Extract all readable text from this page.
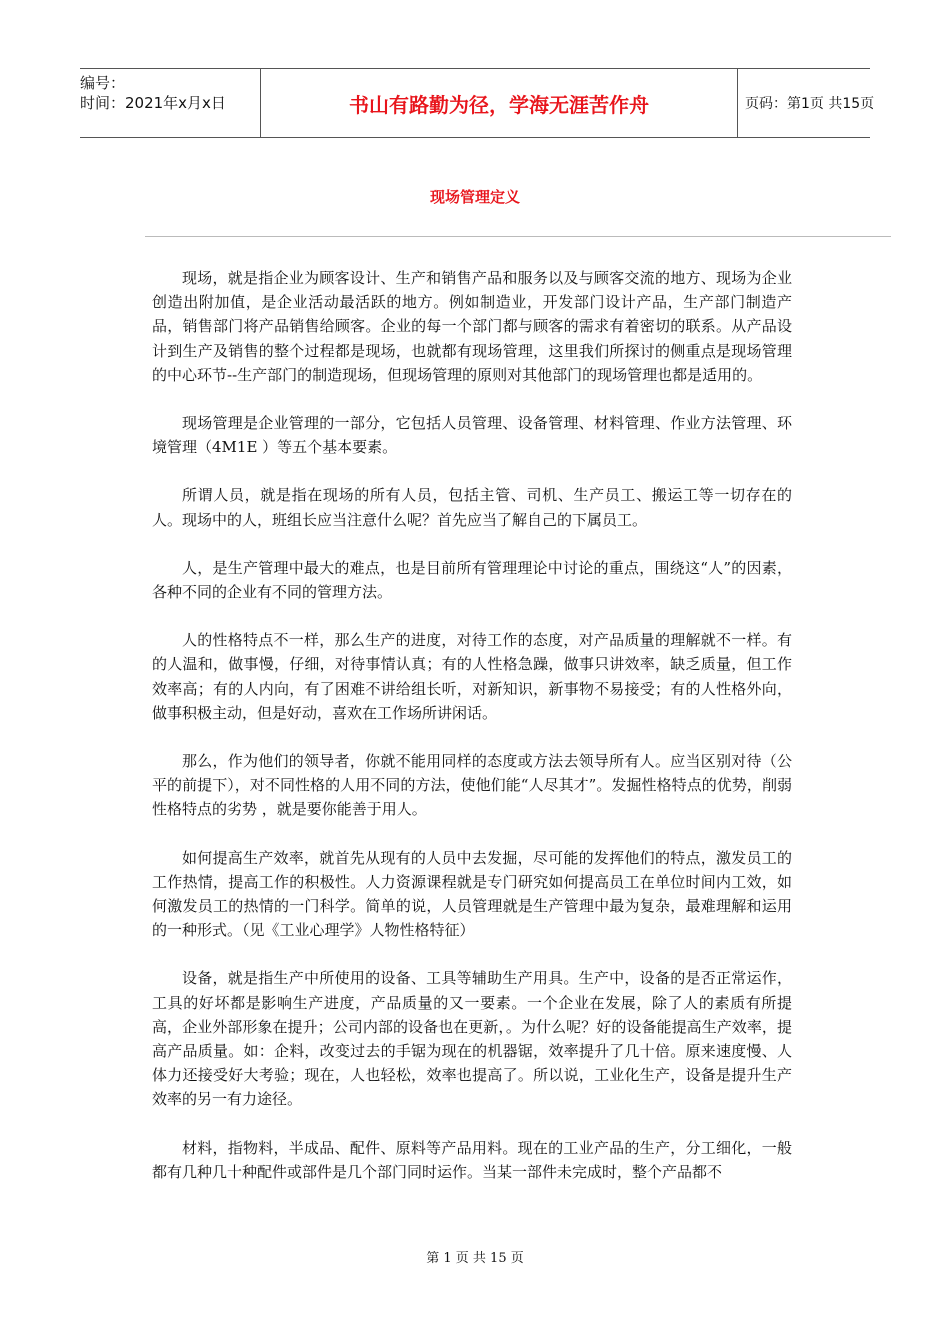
编号：
时间：2021年x月x日	书山有路勤为径，学海无涯苦作舟	页码：第1页 共15页
现场管理定义

现场，就是指企业为顾客设计、生产和销售产品和服务以及与顾客交流的地方、现场为企业创造出附加值，是企业活动最活跃的地方。例如制造业，开发部门设计产品，生产部门制造产品，销售部门将产品销售给顾客。企业的每一个部门都与顾客的需求有着密切的联系。从产品设计到生产及销售的整个过程都是现场，也就都有现场管理，这里我们所探讨的侧重点是现场管理的中心环节--生产部门的制造现场，但现场管理的原则对其他部门的现场管理也都是适用的。

现场管理是企业管理的一部分，它包括人员管理、设备管理、材料管理、作业方法管理、环境管理（4M1E ）等五个基本要素。

所谓人员，就是指在现场的所有人员，包括主管、司机、生产员工、搬运工等一切存在的人。现场中的人，班组长应当注意什么呢？首先应当了解自己的下属员工。

人，是生产管理中最大的难点，也是目前所有管理理论中讨论的重点，围绕这“人”的因素，各种不同的企业有不同的管理方法。

人的性格特点不一样，那么生产的进度，对待工作的态度，对产品质量的理解就不一样。有的人温和，做事慢，仔细，对待事情认真；有的人性格急躁，做事只讲效率，缺乏质量，但工作效率高；有的人内向，有了困难不讲给组长听，对新知识，新事物不易接受；有的人性格外向，做事积极主动，但是好动，喜欢在工作场所讲闲话。

那么，作为他们的领导者，你就不能用同样的态度或方法去领导所有人。应当区别对待（公平的前提下），对不同性格的人用不同的方法，使他们能“人尽其才”。发掘性格特点的优势，削弱性格特点的劣势 ，就是要你能善于用人。

如何提高生产效率，就首先从现有的人员中去发掘，尽可能的发挥他们的特点，激发员工的工作热情，提高工作的积极性。人力资源课程就是专门研究如何提高员工在单位时间内工效，如何激发员工的热情的一门科学。简单的说，人员管理就是生产管理中最为复杂，最难理解和运用的一种形式。（见《工业心理学》人物性格特征）

设备，就是指生产中所使用的设备、工具等辅助生产用具。生产中，设备的是否正常运作，工具的好坏都是影响生产进度，产品质量的又一要素。一个企业在发展，除了人的素质有所提高，企业外部形象在提升；公司内部的设备也在更新，。为什么呢？好的设备能提高生产效率，提高产品质量。如：企料，改变过去的手锯为现在的机器锯，效率提升了几十倍。原来速度慢、人体力还接受好大考验；现在，人也轻松，效率也提高了。所以说，工业化生产，设备是提升生产效率的另一有力途径。

材料，指物料，半成品、配件、原料等产品用料。现在的工业产品的生产，分工细化，一般都有几种几十种配件或部件是几个部门同时运作。当某一部件未完成时，整个产品都不

第 1 页 共 15 页
